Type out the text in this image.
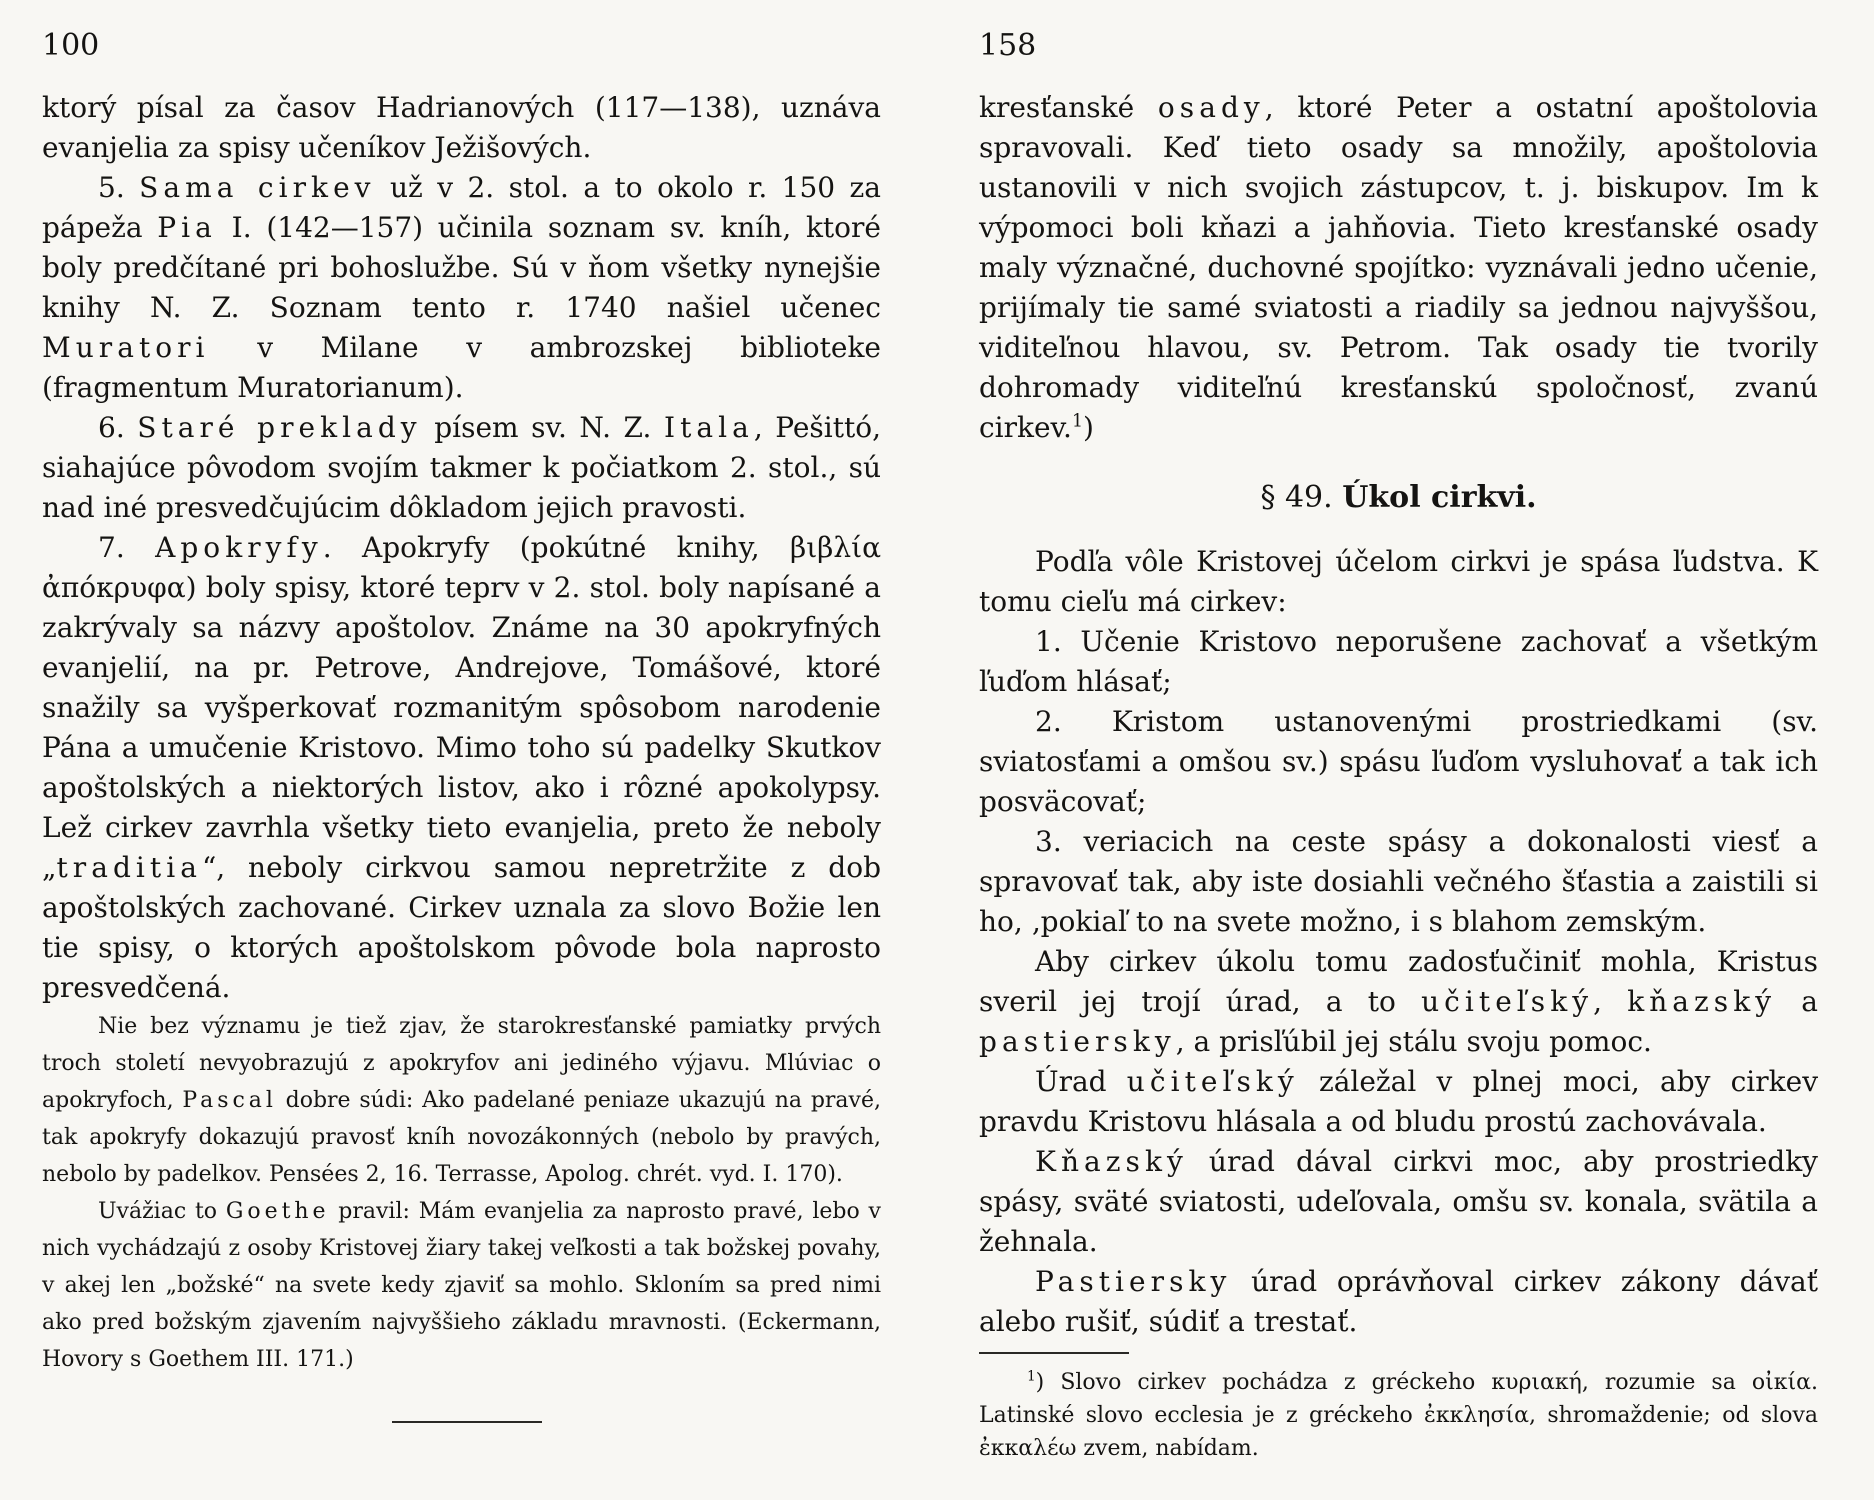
100

ktorý písal za časov Hadrianových (117—138), uznáva evanjelia za spisy učeníkov Ježišových.

5. Sama cirkev už v 2. stol. a to okolo r. 150 za pápeža Pia I. (142—157) učinila soznam sv. kníh, ktoré boly predčítané pri bohoslužbe. Sú v ňom všetky nynejšie knihy N. Z. Soznam tento r. 1740 našiel učenec Muratori v Milane v ambrozskej biblioteke (fragmentum Muratorianum).

6. Staré preklady písem sv. N. Z. Itala, Pešittó, siahajúce pôvodom svojím takmer k počiatkom 2. stol., sú nad iné presvedčujúcim dôkladom jejich pravosti.

7. Apokryfy. Apokryfy (pokútné knihy, βιβλία ἀπόκρυφα) boly spisy, ktoré teprv v 2. stol. boly napísané a zakrývaly sa názvy apoštolov. Známe na 30 apokryfných evanjelií, na pr. Petrove, Andrejove, Tomášové, ktoré snažily sa vyšperkovať rozmanitým spôsobom narodenie Pána a umučenie Kristovo. Mimo toho sú padelky Skutkov apoštolských a niektorých listov, ako i rôzné apokolypsy. Lež cirkev zavrhla všetky tieto evanjelia, preto že neboly „traditia“, neboly cirkvou samou nepretržite z dob apoštolských zachované. Cirkev uznala za slovo Božie len tie spisy, o ktorých apoštolskom pôvode bola naprosto presvedčená.

Nie bez významu je tiež zjav, že starokresťanské pamiatky prvých troch století nevyobrazujú z apokryfov ani jediného výjavu. Mlúviac o apokryfoch, Pascal dobre súdi: Ako padelané peniaze ukazujú na pravé, tak apokryfy dokazujú pravosť kníh novozákonných (nebolo by pravých, nebolo by padelkov. Pensées 2, 16. Terrasse, Apolog. chrét. vyd. I. 170).

Uvážiac to Goethe pravil: Mám evanjelia za naprosto pravé, lebo v nich vychádzajú z osoby Kristovej žiary takej veľkosti a tak božskej povahy, v akej len „božské“ na svete kedy zjaviť sa mohlo. Skloním sa pred nimi ako pred božským zjavením najvyššieho základu mravnosti. (Eckermann, Hovory s Goethem III. 171.)

158

kresťanské osady, ktoré Peter a ostatní apoštolovia spravovali. Keď tieto osady sa množily, apoštolovia ustanovili v nich svojich zástupcov, t. j. biskupov. Im k výpomoci boli kňazi a jahňovia. Tieto kresťanské osady maly význačné, duchovné spojítko: vyznávali jedno učenie, prijímaly tie samé sviatosti a riadily sa jednou najvyššou, viditeľnou hlavou, sv. Petrom. Tak osady tie tvorily dohromady viditeľnú kresťanskú spoločnosť, zvanú cirkev.$^1$)

§ 49. Úkol cirkvi.

Podľa vôle Kristovej účelom cirkvi je spása ľudstva. K tomu cieľu má cirkev:

1. Učenie Kristovo neporušene zachovať a všetkým ľuďom hlásať;

2. Kristom ustanovenými prostriedkami (sv. sviatosťami a omšou sv.) spásu ľuďom vysluhovať a tak ich posväcovať;

3. veriacich na ceste spásy a dokonalosti viesť a spravovať tak, aby iste dosiahli večného šťastia a zaistili si ho, ‚pokiaľ to na svete možno, i s blahom zemským.

Aby cirkev úkolu tomu zadosťučiniť mohla, Kristus sveril jej trojí úrad, a to učiteľský, kňazský a pastiersky, a prisľúbil jej stálu svoju pomoc.

Úrad učiteľský záležal v plnej moci, aby cirkev pravdu Kristovu hlásala a od bludu prostú zachovávala.

Kňazský úrad dával cirkvi moc, aby prostriedky spásy, sväté sviatosti, udeľovala, omšu sv. konala, svätila a žehnala.

Pastiersky úrad oprávňoval cirkev zákony dávať alebo rušiť, súdiť a trestať.

$^1$) Slovo cirkev pochádza z gréckeho κυριακή, rozumie sa οἰκία. Latinské slovo ecclesia je z gréckeho ἐκκλησία, shromaždenie; od slova ἐκκαλέω zvem, nabídam.
